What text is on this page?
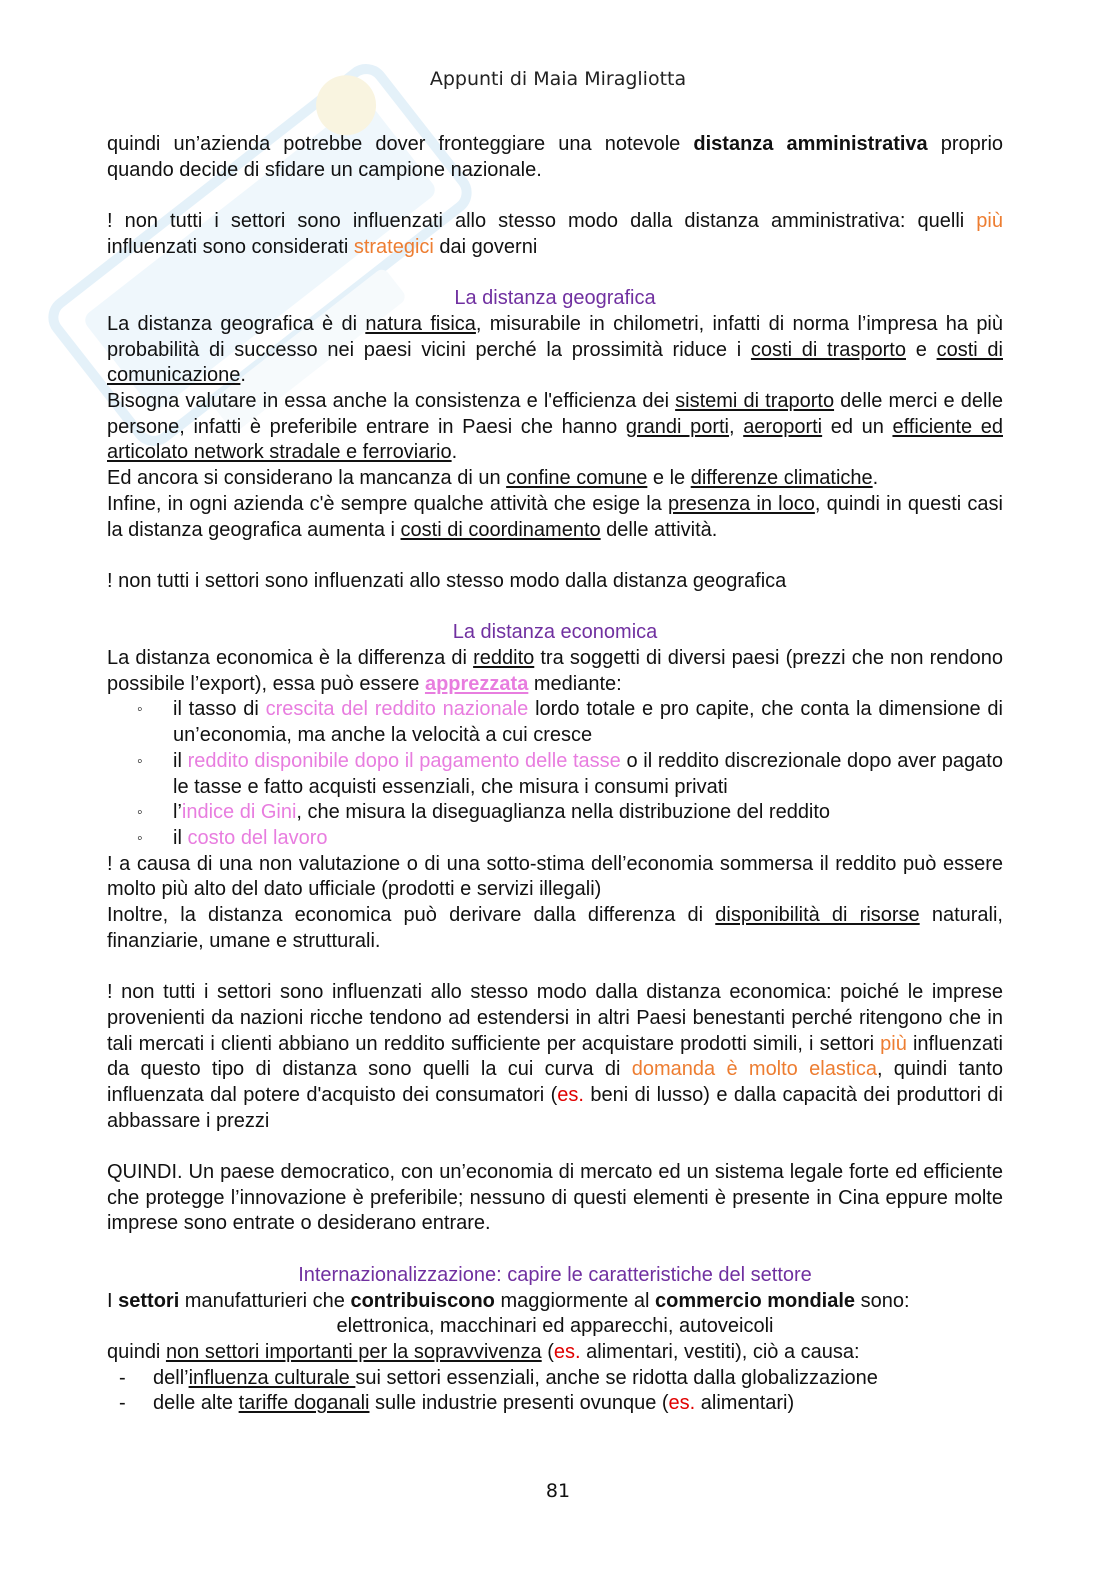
Appunti di Maia Miragliotta

quindi un’azienda potrebbe dover fronteggiare una notevole distanza amministrativa proprio quando decide di sfidare un campione nazionale.

! non tutti i settori sono influenzati allo stesso modo dalla distanza amministrativa: quelli più influenzati sono considerati strategici dai governi

La distanza geografica

La distanza geografica è di natura fisica, misurabile in chilometri, infatti di norma l’impresa ha più probabilità di successo nei paesi vicini perché la prossimità riduce i costi di trasporto e costi di comunicazione.

Bisogna valutare in essa anche la consistenza e l'efficienza dei sistemi di traporto delle merci e delle persone, infatti è preferibile entrare in Paesi che hanno grandi porti, aeroporti ed un efficiente ed articolato network stradale e ferroviario.

Ed ancora si considerano la mancanza di un confine comune e le differenze climatiche.

Infine, in ogni azienda c'è sempre qualche attività che esige la presenza in loco, quindi in questi casi la distanza geografica aumenta i costi di coordinamento delle attività.

! non tutti i settori sono influenzati allo stesso modo dalla distanza geografica

La distanza economica

La distanza economica è la differenza di reddito tra soggetti di diversi paesi (prezzi che non rendono possibile l’export), essa può essere apprezzata mediante:

◦ il tasso di crescita del reddito nazionale lordo totale e pro capite, che conta la dimensione di un’economia, ma anche la velocità a cui cresce
◦ il reddito disponibile dopo il pagamento delle tasse o il reddito discrezionale dopo aver pagato le tasse e fatto acquisti essenziali, che misura i consumi privati
◦ l’indice di Gini, che misura la diseguaglianza nella distribuzione del reddito
◦ il costo del lavoro

! a causa di una non valutazione o di una sotto-stima dell’economia sommersa il reddito può essere molto più alto del dato ufficiale (prodotti e servizi illegali)

Inoltre, la distanza economica può derivare dalla differenza di disponibilità di risorse naturali, finanziarie, umane e strutturali.

! non tutti i settori sono influenzati allo stesso modo dalla distanza economica: poiché le imprese provenienti da nazioni ricche tendono ad estendersi in altri Paesi benestanti perché ritengono che in tali mercati i clienti abbiano un reddito sufficiente per acquistare prodotti simili, i settori più influenzati da questo tipo di distanza sono quelli la cui curva di domanda è molto elastica, quindi tanto influenzata dal potere d'acquisto dei consumatori (es. beni di lusso) e dalla capacità dei produttori di abbassare i prezzi

QUINDI. Un paese democratico, con un’economia di mercato ed un sistema legale forte ed efficiente che protegge l’innovazione è preferibile; nessuno di questi elementi è presente in Cina eppure molte imprese sono entrate o desiderano entrare.

Internazionalizzazione: capire le caratteristiche del settore

I settori manufatturieri che contribuiscono maggiormente al commercio mondiale sono:

elettronica, macchinari ed apparecchi, autoveicoli

quindi non settori importanti per la sopravvivenza (es. alimentari, vestiti), ciò a causa:

- dell’influenza culturale sui settori essenziali, anche se ridotta dalla globalizzazione
- delle alte tariffe doganali sulle industrie presenti ovunque (es. alimentari)
81
